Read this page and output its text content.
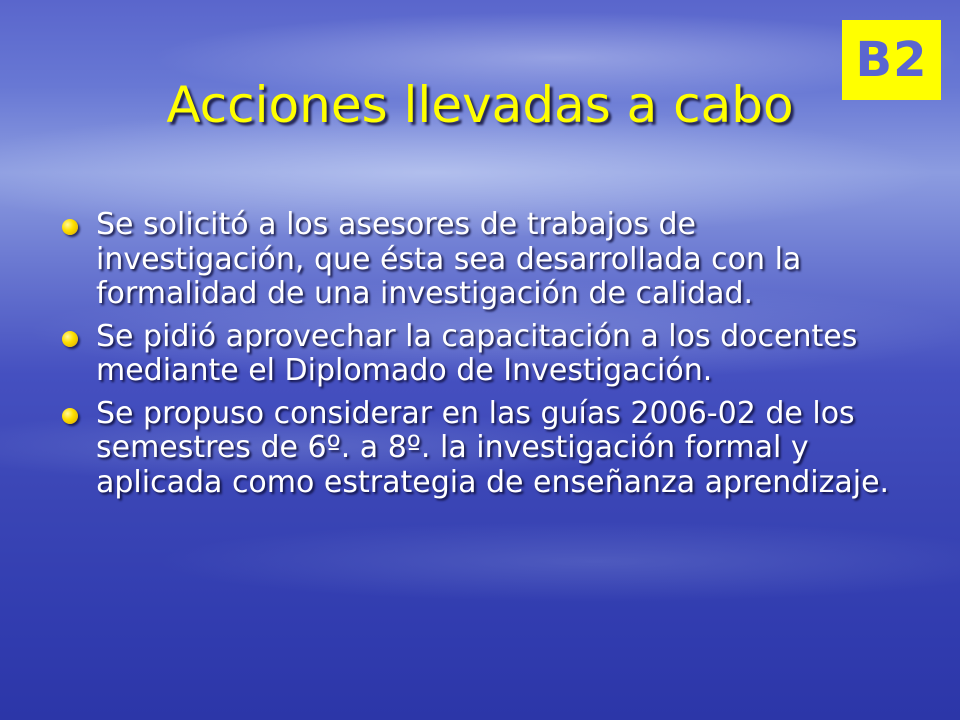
B2
Acciones llevadas a cabo
Se solicitó a los asesores de trabajos de investigación, que ésta sea desarrollada con la formalidad de una investigación de calidad.
Se pidió aprovechar la capacitación a los docentes mediante el Diplomado de Investigación.
Se propuso considerar en las guías 2006-02 de los semestres de 6º. a 8º. la investigación formal y aplicada como estrategia de enseñanza aprendizaje.
